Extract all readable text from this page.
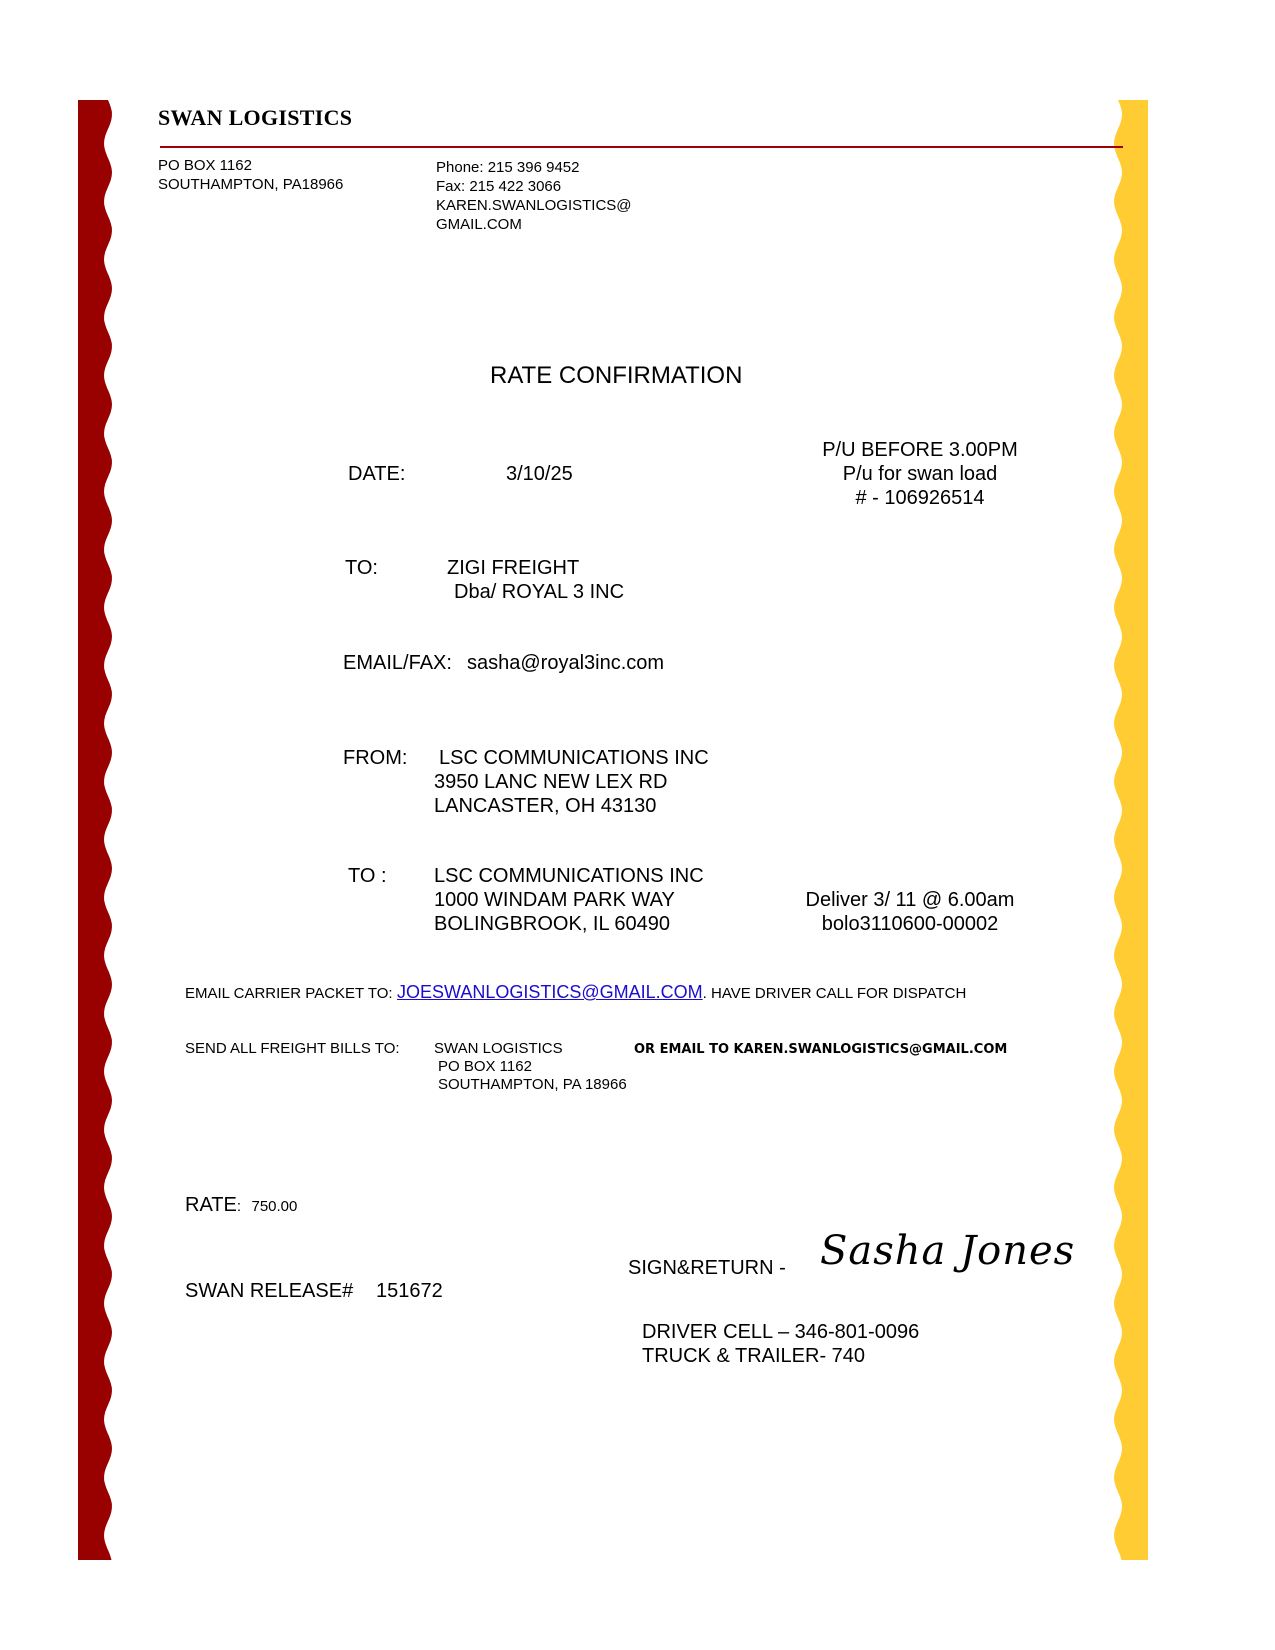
SWAN LOGISTICS
PO BOX 1162
SOUTHAMPTON, PA18966
Phone: 215 396 9452
Fax: 215 422 3066
KAREN.SWANLOGISTICS@
GMAIL.COM
RATE CONFIRMATION
DATE:	3/10/25
P/U BEFORE 3.00PM
P/u for swan load
# - 106926514
TO:	ZIGI FREIGHT
Dba/ ROYAL 3 INC
EMAIL/FAX: sasha@royal3inc.com
FROM: LSC COMMUNICATIONS INC
3950 LANC NEW LEX RD
LANCASTER, OH 43130
TO : LSC COMMUNICATIONS INC
1000 WINDAM PARK WAY
BOLINGBROOK, IL 60490
Deliver 3/ 11 @ 6.00am
bolo3110600-00002
EMAIL CARRIER PACKET TO: JOESWANLOGISTICS@GMAIL.COM. HAVE DRIVER CALL FOR DISPATCH
SEND ALL FREIGHT BILLS TO: SWAN LOGISTICS
PO BOX 1162
SOUTHAMPTON, PA 18966
OR EMAIL TO KAREN.SWANLOGISTICS@GMAIL.COM
RATE: 750.00
SIGN&RETURN - Sasha Jones
SWAN RELEASE# 151672
DRIVER CELL – 346-801-0096
TRUCK & TRAILER- 740
